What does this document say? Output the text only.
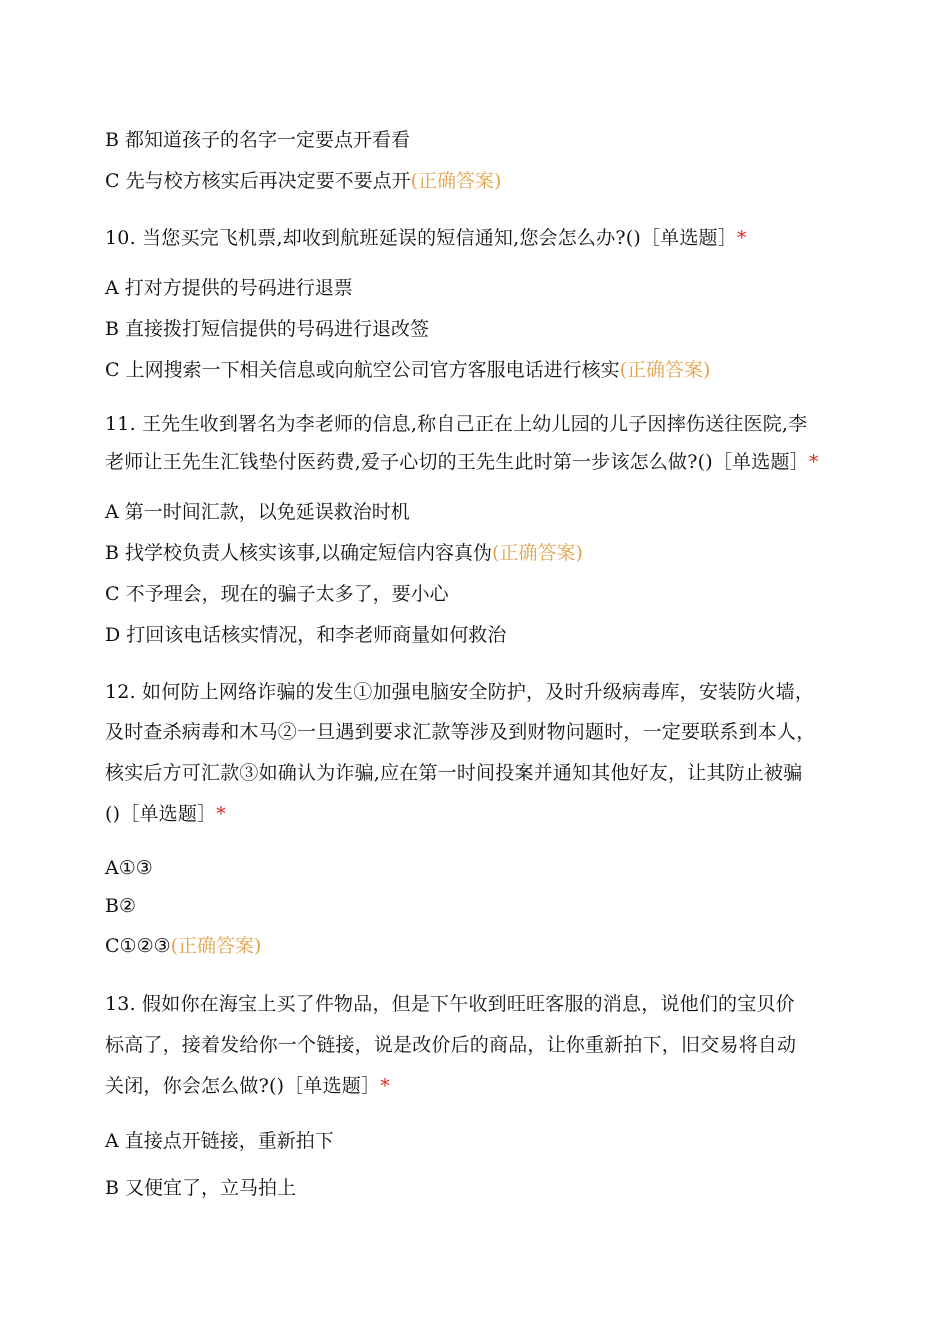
B 都知道孩子的名字一定要点开看看
C 先与校方核实后再决定要不要点开(正确答案)
10. 当您买完飞机票,却收到航班延误的短信通知,您会怎么办?()［单选题］*
A 打对方提供的号码进行退票
B 直接拨打短信提供的号码进行退改签
C 上网搜索一下相关信息或向航空公司官方客服电话进行核实(正确答案)
11. 王先生收到署名为李老师的信息,称自己正在上幼儿园的儿子因摔伤送往医院,李
老师让王先生汇钱垫付医药费,爱子心切的王先生此时第一步该怎么做?()［单选题］*
A 第一时间汇款，以免延误救治时机
B 找学校负责人核实该事,以确定短信内容真伪(正确答案)
C 不予理会，现在的骗子太多了，要小心
D 打回该电话核实情况，和李老师商量如何救治
12. 如何防上网络诈骗的发生①加强电脑安全防护，及时升级病毒库，安装防火墙，
及时查杀病毒和木马②一旦遇到要求汇款等涉及到财物问题时，一定要联系到本人，
核实后方可汇款③如确认为诈骗,应在第一时间投案并通知其他好友，让其防止被骗
()［单选题］*
A①③
B②
C①②③(正确答案)
13. 假如你在海宝上买了件物品，但是下午收到旺旺客服的消息，说他们的宝贝价
标高了，接着发给你一个链接，说是改价后的商品，让你重新拍下，旧交易将自动
关闭，你会怎么做?()［单选题］*
A 直接点开链接，重新拍下
B 又便宜了，立马拍上
